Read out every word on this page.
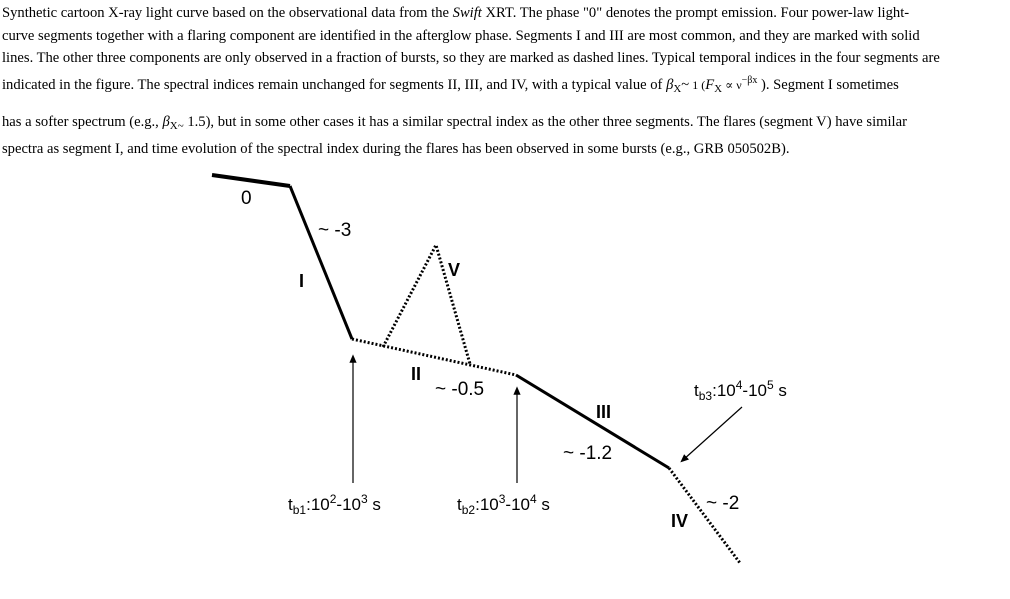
Synthetic cartoon X-ray light curve based on the observational data from the Swift XRT. The phase "0" denotes the prompt emission. Four power-law light-
curve segments together with a flaring component are identified in the afterglow phase. Segments I and III are most common, and they are marked with solid
lines. The other three components are only observed in a fraction of bursts, so they are marked as dashed lines. Typical temporal indices in the four segments are
indicated in the figure. The spectral indices remain unchanged for segments II, III, and IV, with a typical value of $\beta_X\sim$ 1 ($F_X \propto \nu^{-\beta x}$ ). Segment I sometimes
has a softer spectrum (e.g., $\beta_{X\sim}$ 1.5), but in some other cases it has a similar spectral index as the other three segments. The flares (segment V) have similar
spectra as segment I, and time evolution of the spectral index during the flares has been observed in some bursts (e.g., GRB 050502B).
0
~ -3
I
V
II
~ -0.5
III
~ -1.2
~ -2
IV
$t_{b1}:10^2-10^3$ s	$t_{b2}:10^3-10^4$ s
$t_{b3}:10^4-10^5$ s
